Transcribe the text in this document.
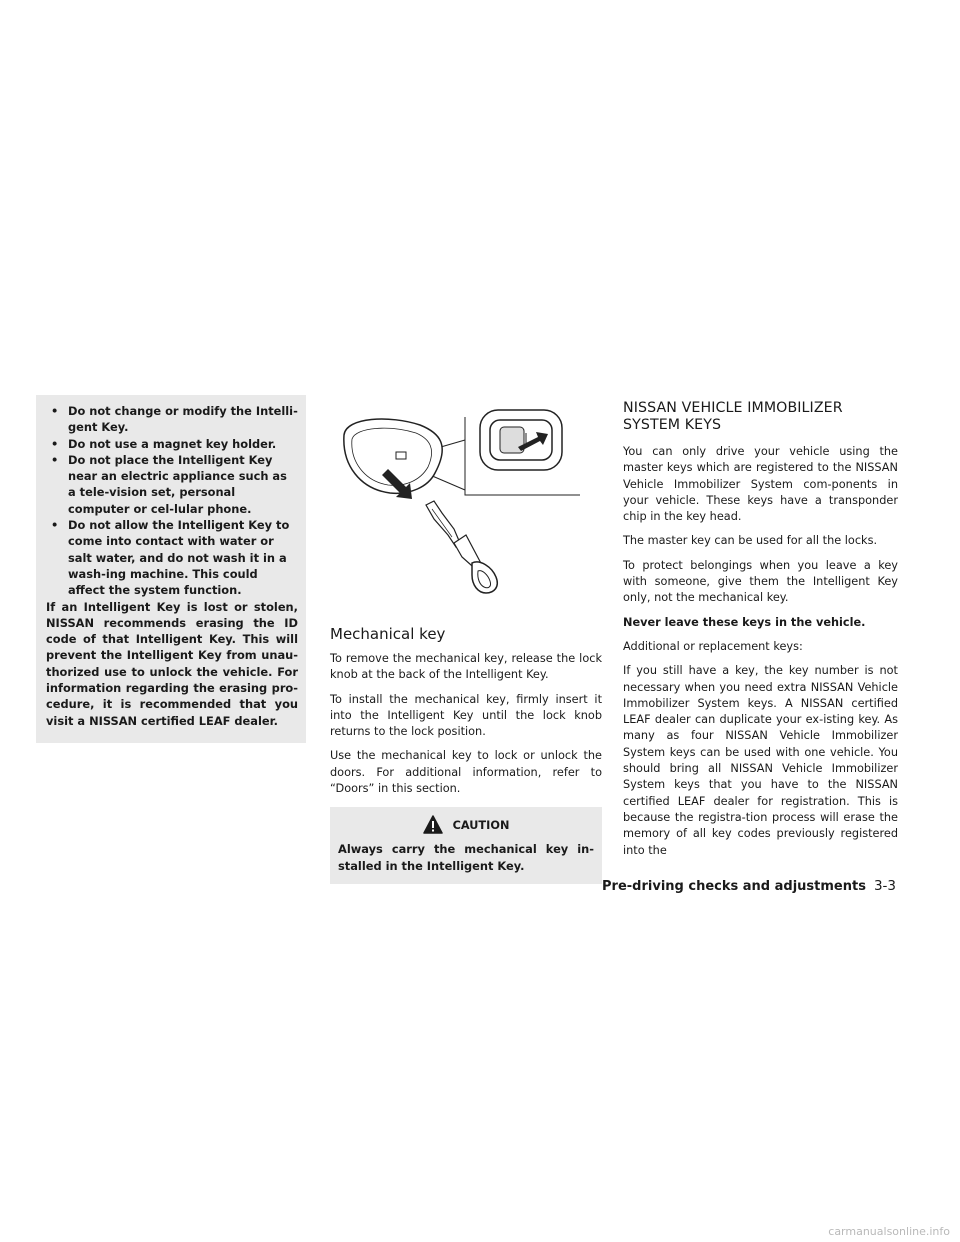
• Do not change or modify the Intelli-gent Key.
• Do not use a magnet key holder.
• Do not place the Intelligent Key near an electric appliance such as a tele-vision set, personal computer or cel-lular phone.
• Do not allow the Intelligent Key to come into contact with water or salt water, and do not wash it in a wash-ing machine. This could affect the system function.

If an Intelligent Key is lost or stolen, NISSAN recommends erasing the ID code of that Intelligent Key. This will prevent the Intelligent Key from unau-thorized use to unlock the vehicle. For information regarding the erasing pro-cedure, it is recommended that you visit a NISSAN certified LEAF dealer.

Mechanical key

To remove the mechanical key, release the lock knob at the back of the Intelligent Key.

To install the mechanical key, firmly insert it into the Intelligent Key until the lock knob returns to the lock position.

Use the mechanical key to lock or unlock the doors. For additional information, refer to “Doors” in this section.

CAUTION
Always carry the mechanical key in-stalled in the Intelligent Key.
NISSAN VEHICLE IMMOBILIZER
SYSTEM KEYS

You can only drive your vehicle using the master keys which are registered to the NISSAN Vehicle Immobilizer System com-ponents in your vehicle. These keys have a transponder chip in the key head.

The master key can be used for all the locks.

To protect belongings when you leave a key with someone, give them the Intelligent Key only, not the mechanical key.

Never leave these keys in the vehicle.

Additional or replacement keys:

If you still have a key, the key number is not necessary when you need extra NISSAN Vehicle Immobilizer System keys. A NISSAN certified LEAF dealer can duplicate your ex-isting key. As many as four NISSAN Vehicle Immobilizer System keys can be used with one vehicle. You should bring all NISSAN Vehicle Immobilizer System keys that you have to the NISSAN certified LEAF dealer for registration. This is because the registra-tion process will erase the memory of all key codes previously registered into the

Pre-driving checks and adjustments 3-3
carmanualsonline.info
